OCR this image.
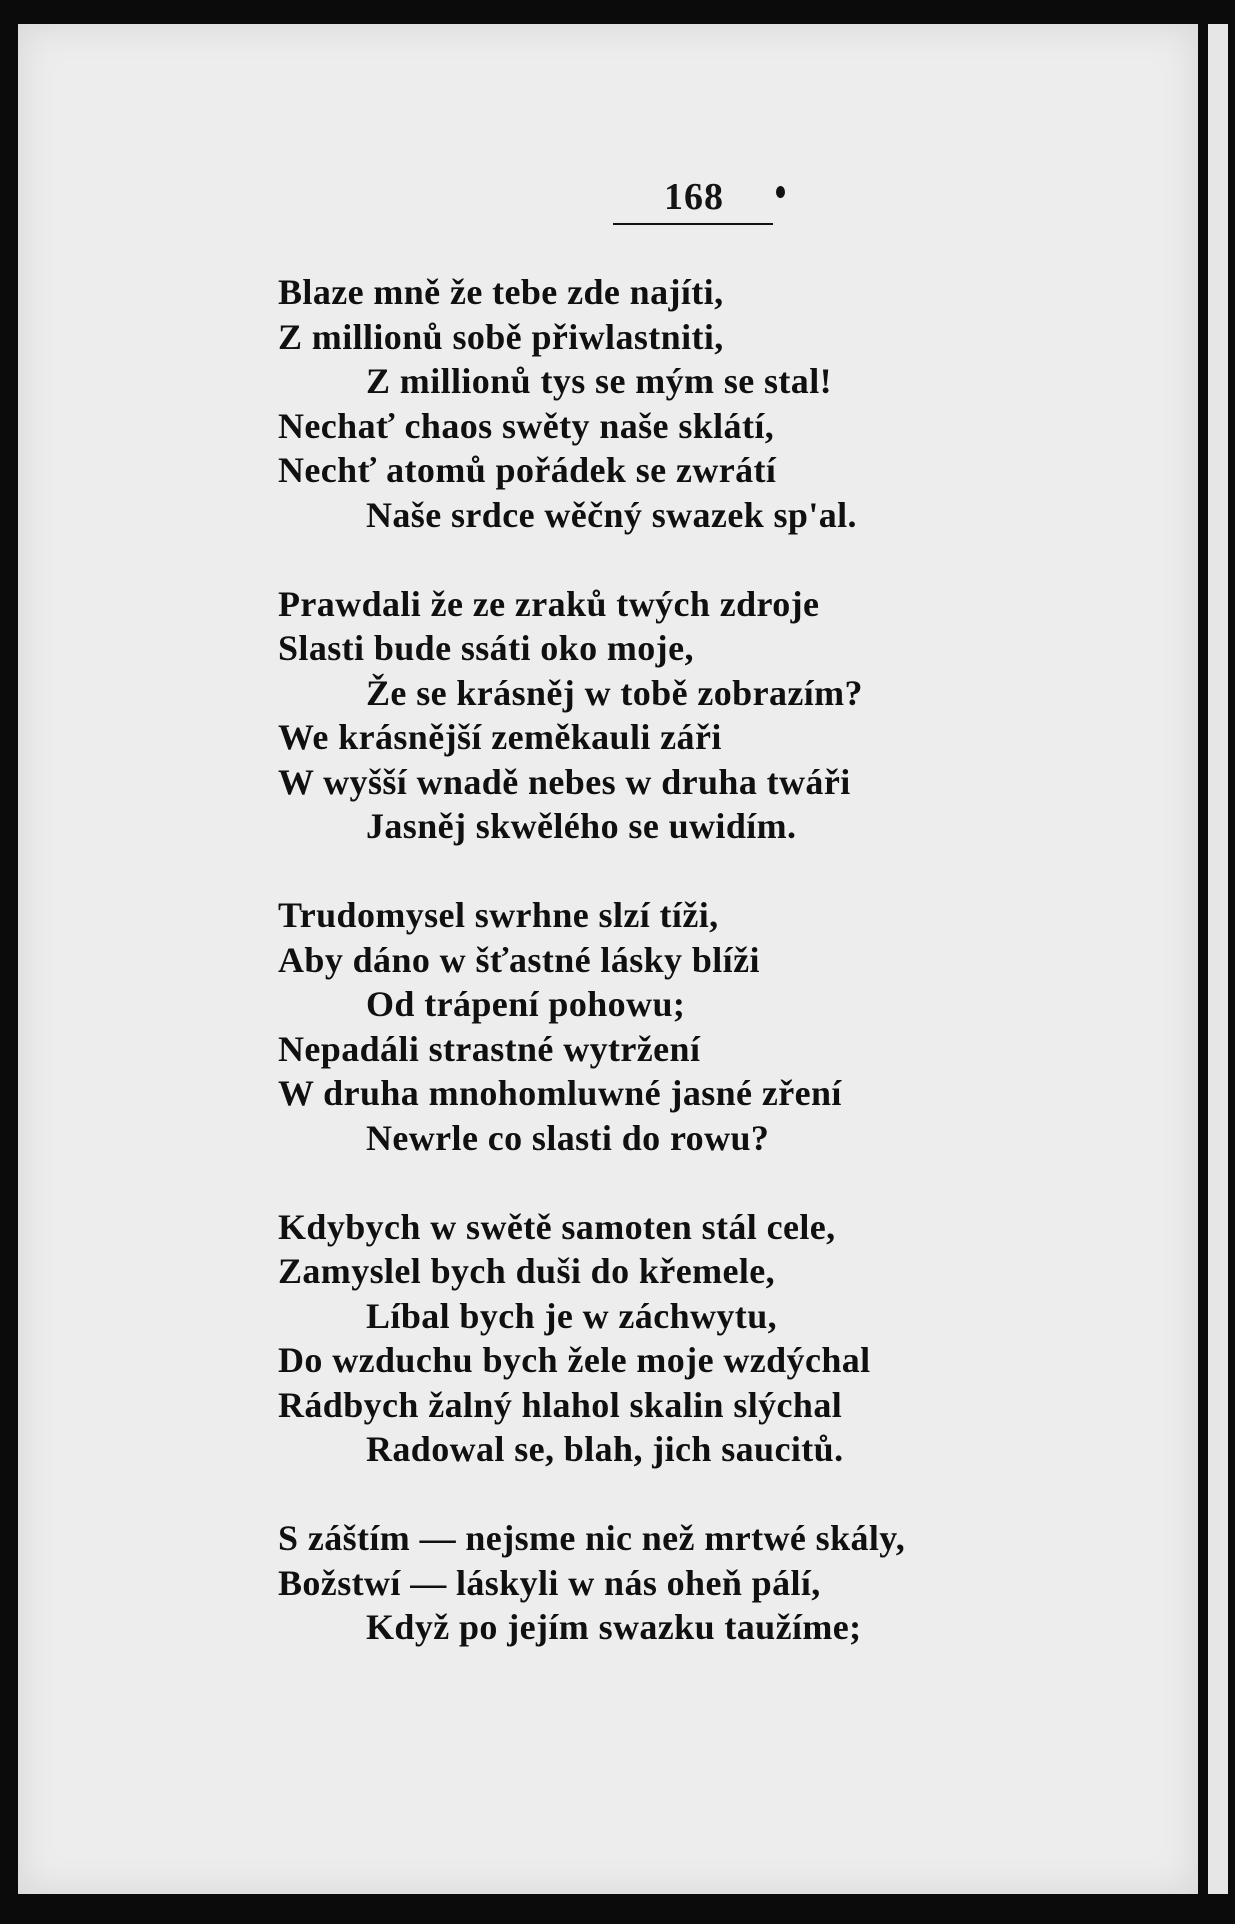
168
Blaze mně že tebe zde najíti,
Z millionů sobě přiwlastniti,
Z millionů tys se mým se stal!
Nechať chaos swěty naše sklátí,
Nechť atomů pořádek se zwrátí
Naše srdce wěčný swazek sp'al.
Prawdali že ze zraků twých zdroje
Slasti bude ssáti oko moje,
Že se krásněj w tobě zobrazím?
We krásnější zeměkauli záři
W wyšší wnadě nebes w druha twáři
Jasněj skwělého se uwidím.
Trudomysel swrhne slzí tíži,
Aby dáno w šťastné lásky blíži
Od trápení pohowu;
Nepadáli strastné wytržení
W druha mnohomluwné jasné zření
Newrle co slasti do rowu?
Kdybych w swětě samoten stál cele,
Zamyslel bych duši do křemele,
Líbal bych je w záchwytu,
Do wzduchu bych žele moje wzdýchal
Rádbych žalný hlahol skalin slýchal
Radowal se, blah, jich saucitů.
S záštím — nejsme nic než mrtwé skály,
Božstwí — láskyli w nás oheň pálí,
Když po jejím swazku taužíme;
